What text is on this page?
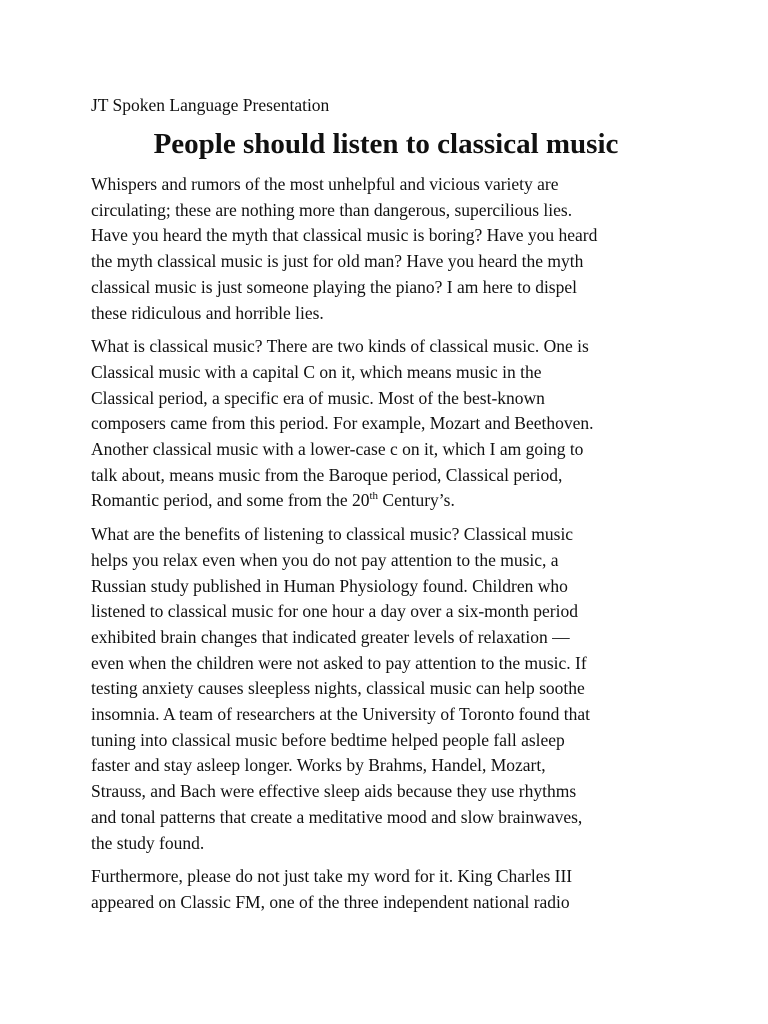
JT Spoken Language Presentation
People should listen to classical music

Whispers and rumors of the most unhelpful and vicious variety are
circulating; these are nothing more than dangerous, supercilious lies.
Have you heard the myth that classical music is boring? Have you heard
the myth classical music is just for old man? Have you heard the myth
classical music is just someone playing the piano? I am here to dispel
these ridiculous and horrible lies.

What is classical music? There are two kinds of classical music. One is
Classical music with a capital C on it, which means music in the
Classical period, a specific era of music. Most of the best-known
composers came from this period. For example, Mozart and Beethoven.
Another classical music with a lower-case c on it, which I am going to
talk about, means music from the Baroque period, Classical period,
Romantic period, and some from the 20th Century’s.

What are the benefits of listening to classical music? Classical music
helps you relax even when you do not pay attention to the music, a
Russian study published in Human Physiology found. Children who
listened to classical music for one hour a day over a six-month period
exhibited brain changes that indicated greater levels of relaxation —
even when the children were not asked to pay attention to the music. If
testing anxiety causes sleepless nights, classical music can help soothe
insomnia. A team of researchers at the University of Toronto found that
tuning into classical music before bedtime helped people fall asleep
faster and stay asleep longer. Works by Brahms, Handel, Mozart,
Strauss, and Bach were effective sleep aids because they use rhythms
and tonal patterns that create a meditative mood and slow brainwaves,
the study found.

Furthermore, please do not just take my word for it. King Charles III
appeared on Classic FM, one of the three independent national radio
